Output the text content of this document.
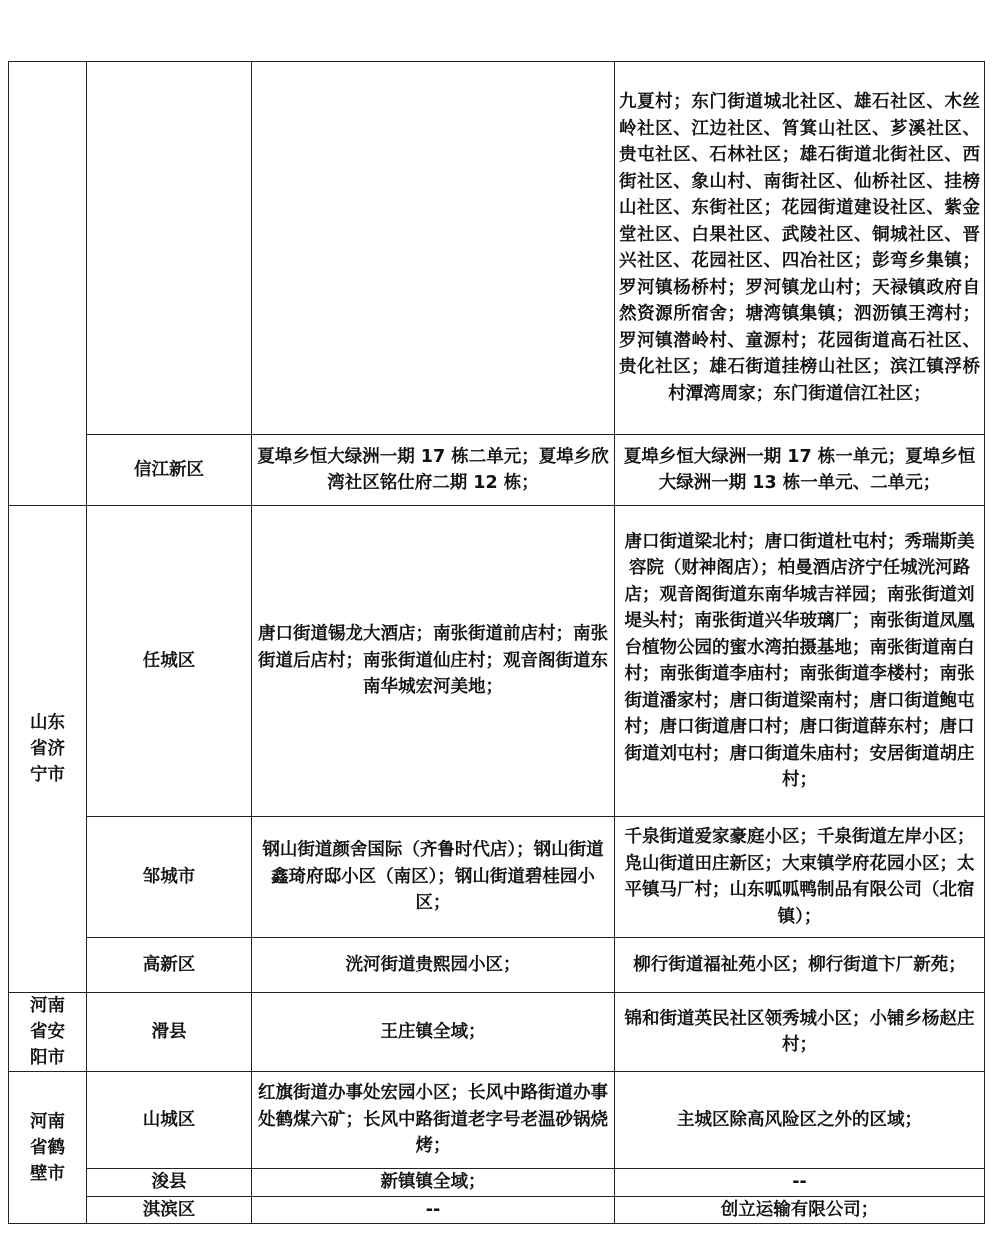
			九夏村；东门街道城北社区、雄石社区、木丝岭社区、江边社区、筲箕山社区、芗溪社区、贵屯社区、石林社区；雄石街道北街社区、西街社区、象山村、南街社区、仙桥社区、挂榜山社区、东街社区；花园街道建设社区、紫金堂社区、白果社区、武陵社区、铜城社区、晋兴社区、花园社区、四冶社区；彭弯乡集镇；罗河镇杨桥村；罗河镇龙山村；天禄镇政府自然资源所宿舍；塘湾镇集镇；泗沥镇王湾村；罗河镇潜岭村、童源村；花园街道高石社区、贵化社区；雄石街道挂榜山社区；滨江镇浮桥村潭湾周家；东门街道信江社区；
	信江新区	夏埠乡恒大绿洲一期 17 栋二单元；夏埠乡欣湾社区铭仕府二期 12 栋；	夏埠乡恒大绿洲一期 17 栋一单元；夏埠乡恒大绿洲一期 13 栋一单元、二单元；

山东省济宁市	任城区	唐口街道锡龙大酒店；南张街道前店村；南张街道后店村；南张街道仙庄村；观音阁街道东南华城宏河美地；	唐口街道梁北村；唐口街道杜屯村；秀瑞斯美容院（财神阁店）；柏曼酒店济宁任城洸河路店；观音阁街道东南华城吉祥园；南张街道刘堤头村；南张街道兴华玻璃厂；南张街道凤凰台植物公园的蜜水湾拍摄基地；南张街道南白村；南张街道李庙村；南张街道李楼村；南张街道潘家村；唐口街道梁南村；唐口街道鲍屯村；唐口街道唐口村；唐口街道薛东村；唐口街道刘屯村；唐口街道朱庙村；安居街道胡庄村；
	邹城市	钢山街道颜舍国际（齐鲁时代店）；钢山街道鑫琦府邸小区（南区）；钢山街道碧桂园小区；	千泉街道爱家豪庭小区；千泉街道左岸小区；凫山街道田庄新区；大束镇学府花园小区；太平镇马厂村；山东呱呱鸭制品有限公司（北宿镇）；
	高新区	洸河街道贵熙园小区；	柳行街道福祉苑小区；柳行街道卞厂新苑；

河南省安阳市	滑县	王庄镇全域；	锦和街道英民社区领秀城小区；小铺乡杨赵庄村；

河南省鹤壁市	山城区	红旗街道办事处宏园小区；长风中路街道办事处鹤煤六矿；长风中路街道老字号老温砂锅烧烤；	主城区除高风险区之外的区域；
	浚县	新镇镇全域；	--
	淇滨区	--	创立运输有限公司；
